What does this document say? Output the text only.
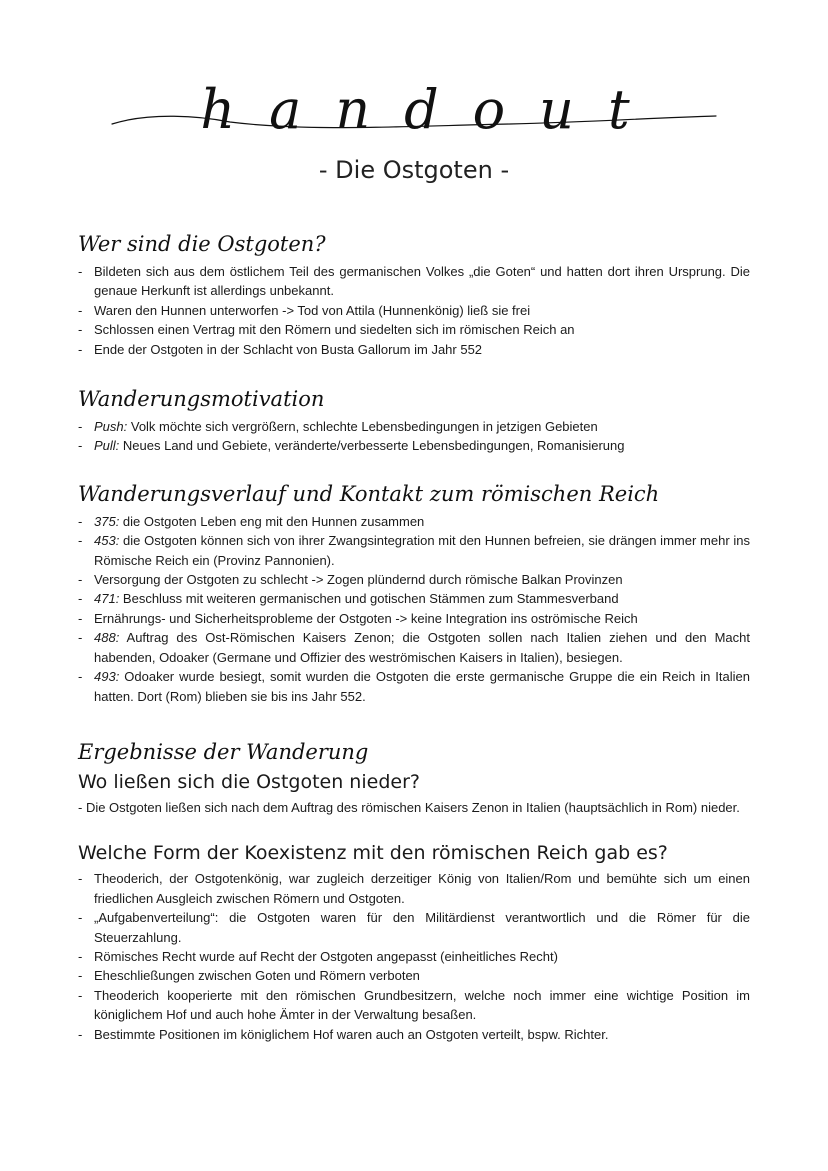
handout
- Die Ostgoten -
Wer sind die Ostgoten?
- Bildeten sich aus dem östlichem Teil des germanischen Volkes „die Goten“ und hatten dort ihren Ursprung. Die genaue Herkunft ist allerdings unbekannt.
- Waren den Hunnen unterworfen -> Tod von Attila (Hunnenkönig) ließ sie frei
- Schlossen einen Vertrag mit den Römern und siedelten sich im römischen Reich an
- Ende der Ostgoten in der Schlacht von Busta Gallorum im Jahr 552
Wanderungsmotivation
- Push: Volk möchte sich vergrößern, schlechte Lebensbedingungen in jetzigen Gebieten
- Pull: Neues Land und Gebiete, veränderte/verbesserte Lebensbedingungen, Romanisierung
Wanderungsverlauf und Kontakt zum römischen Reich
- 375: die Ostgoten Leben eng mit den Hunnen zusammen
- 453: die Ostgoten können sich von ihrer Zwangsintegration mit den Hunnen befreien, sie drängen immer mehr ins Römische Reich ein (Provinz Pannonien).
- Versorgung der Ostgoten zu schlecht -> Zogen plündernd durch römische Balkan Provinzen
- 471: Beschluss mit weiteren germanischen und gotischen Stämmen zum Stammesverband
- Ernährungs- und Sicherheitsprobleme der Ostgoten -> keine Integration ins oströmische Reich
- 488: Auftrag des Ost-Römischen Kaisers Zenon; die Ostgoten sollen nach Italien ziehen und den Macht habenden, Odoaker (Germane und Offizier des weströmischen Kaisers in Italien), besiegen.
- 493: Odoaker wurde besiegt, somit wurden die Ostgoten die erste germanische Gruppe die ein Reich in Italien hatten. Dort (Rom) blieben sie bis ins Jahr 552.
Ergebnisse der Wanderung
Wo ließen sich die Ostgoten nieder?

- Die Ostgoten ließen sich nach dem Auftrag des römischen Kaisers Zenon in Italien (hauptsächlich in Rom) nieder.

Welche Form der Koexistenz mit den römischen Reich gab es?
- Theoderich, der Ostgotenkönig, war zugleich derzeitiger König von Italien/Rom und bemühte sich um einen friedlichen Ausgleich zwischen Römern und Ostgoten.
- „Aufgabenverteilung“: die Ostgoten waren für den Militärdienst verantwortlich und die Römer für die Steuerzahlung.
- Römisches Recht wurde auf Recht der Ostgoten angepasst (einheitliches Recht)
- Eheschließungen zwischen Goten und Römern verboten
- Theoderich kooperierte mit den römischen Grundbesitzern, welche noch immer eine wichtige Position im königlichem Hof und auch hohe Ämter in der Verwaltung besaßen.
- Bestimmte Positionen im königlichem Hof waren auch an Ostgoten verteilt, bspw. Richter.
